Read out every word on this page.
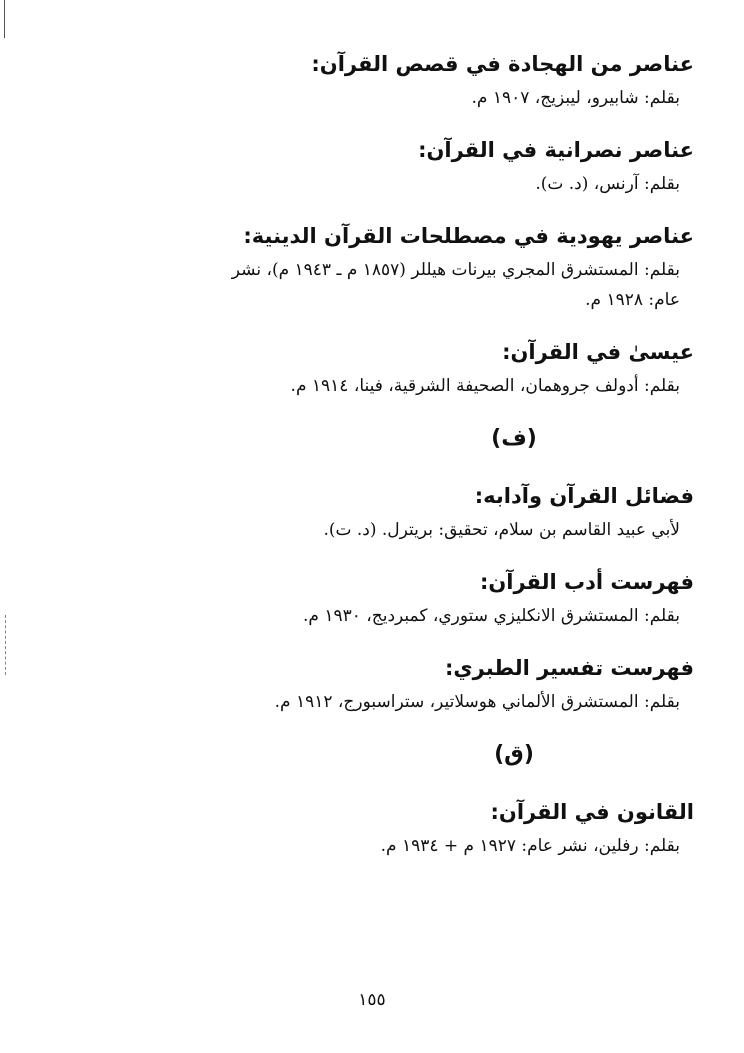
عناصر من الهجادة في قصص القرآن:

بقلم: شابيرو، ليبزيج، ١٩٠٧ م.

عناصر نصرانية في القرآن:

بقلم: آرنس، (د. ت).

عناصر يهودية في مصطلحات القرآن الدينية:

بقلم: المستشرق المجري بيرنات هيللر (١٨٥٧ م ـ ١٩٤٣ م)، نشر

عام: ١٩٢٨ م.

عيسىٰ في القرآن:

بقلم: أدولف جروهمان، الصحيفة الشرقية، فينا، ١٩١٤ م.

(ف)

فضائل القرآن وآدابه:

لأبي عبيد القاسم بن سلام، تحقيق: بريترل. (د. ت).

فهرست أدب القرآن:

بقلم: المستشرق الانكليزي ستوري، كمبرديج، ١٩٣٠ م.

فهرست تفسير الطبري:

بقلم: المستشرق الألماني هوسلاتير، ستراسبورج، ١٩١٢ م.

(ق)

القانون في القرآن:

بقلم: رفلين، نشر عام: ١٩٢٧ م + ١٩٣٤ م.

١٥٥
